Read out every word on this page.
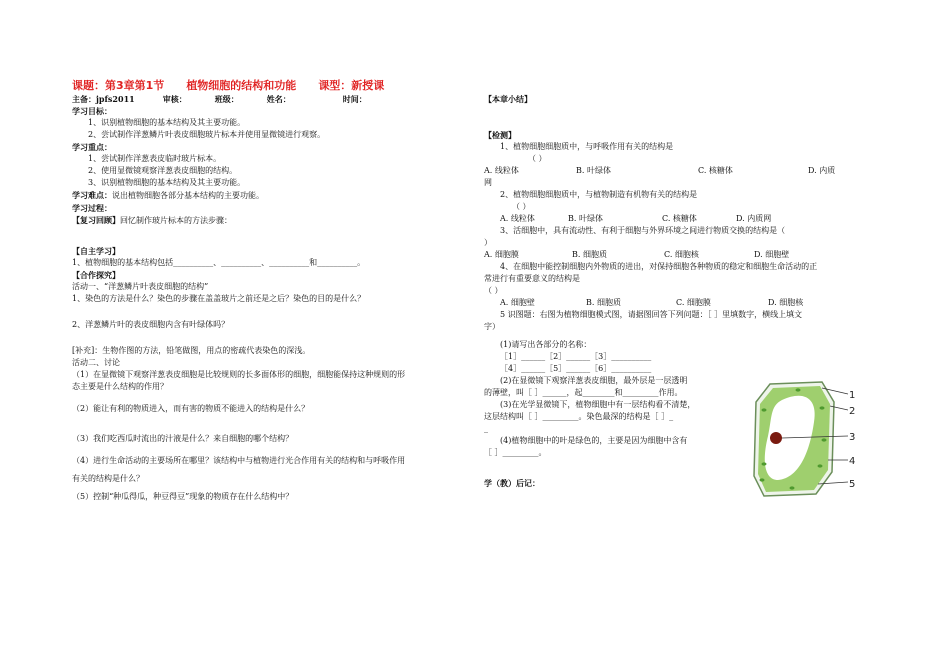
课题：第3章第1节 植物细胞的结构和功能 课型：新授课
主备：jpfs2011	审核：	班级：	姓名：	时间：
学习目标：
1、识别植物细胞的基本结构及其主要功能。
2、尝试制作洋葱鳞片叶表皮细胞玻片标本并使用显微镜进行观察。
学习重点：
1、尝试制作洋葱表皮临时玻片标本。
2、使用显微镜观察洋葱表皮细胞的结构。
3、识别植物细胞的基本结构及其主要功能。
学习难点：说出植物细胞各部分基本结构的主要功能。
学习过程：
【复习回顾】回忆制作玻片标本的方法步骤：
【自主学习】
1、植物细胞的基本结构包括__________、__________、__________和__________。
【合作探究】
活动一、“洋葱鳞片叶表皮细胞的结构”
1、染色的方法是什么？染色的步骤在盖盖玻片之前还是之后？染色的目的是什么？
2、洋葱鳞片叶的表皮细胞内含有叶绿体吗？
[补充]：生物作图的方法，铅笔做图，用点的密疏代表染色的深浅。
活动二、讨论
（1）在显微镜下观察洋葱表皮细胞是比较规则的长多面体形的细胞，细胞能保持这种规则的形
态主要是什么结构的作用？
（2）能让有利的物质进入，而有害的物质不能进入的结构是什么？
（3）我们吃西瓜时流出的汁液是什么？来自细胞的哪个结构？
（4）进行生命活动的主要场所在哪里？该结构中与植物进行光合作用有关的结构和与呼吸作用
有关的结构是什么？
（5）控制“种瓜得瓜，种豆得豆”现象的物质存在什么结构中？
【本章小结】
【检测】
1、植物细胞细胞质中，与呼吸作用有关的结构是
（ ）
A. 线粒体	B. 叶绿体	C. 核糖体	D. 内质
网
2、植物细胞细胞质中，与植物制造有机物有关的结构是
（ ）
A. 线粒体	B. 叶绿体	C. 核糖体	D. 内质网
3、活细胞中，具有流动性、有利于细胞与外界环境之间进行物质交换的结构是（
）
A. 细胞膜	B. 细胞质	C. 细胞核	D. 细胞壁
4、在细胞中能控制细胞内外物质的进出，对保持细胞各种物质的稳定和细胞生命活动的正
常进行有重要意义的结构是
（ ）
A. 细胞壁	B. 细胞质	C. 细胞膜	D. 细胞核
5 识图题：右图为植物细胞模式图，请据图回答下列问题：［ ］里填数字，横线上填文
字）
(1)请写出各部分的名称：
［1］______［2］______［3］__________
［4］______［5］______［6］__________
(2)在显微镜下观察洋葱表皮细胞，最外层是一层透明
的薄壁，叫［ ］______，起________和_________作用。
(3)在光学显微镜下，植物细胞中有一层结构看不清楚，
这层结构叫［ ］_________。染色最深的结构是［ ］_
_
(4)植物细胞中的叶是绿色的，主要是因为细胞中含有
［ ］_________。
学（教）后记：
1
2
3
4
5
